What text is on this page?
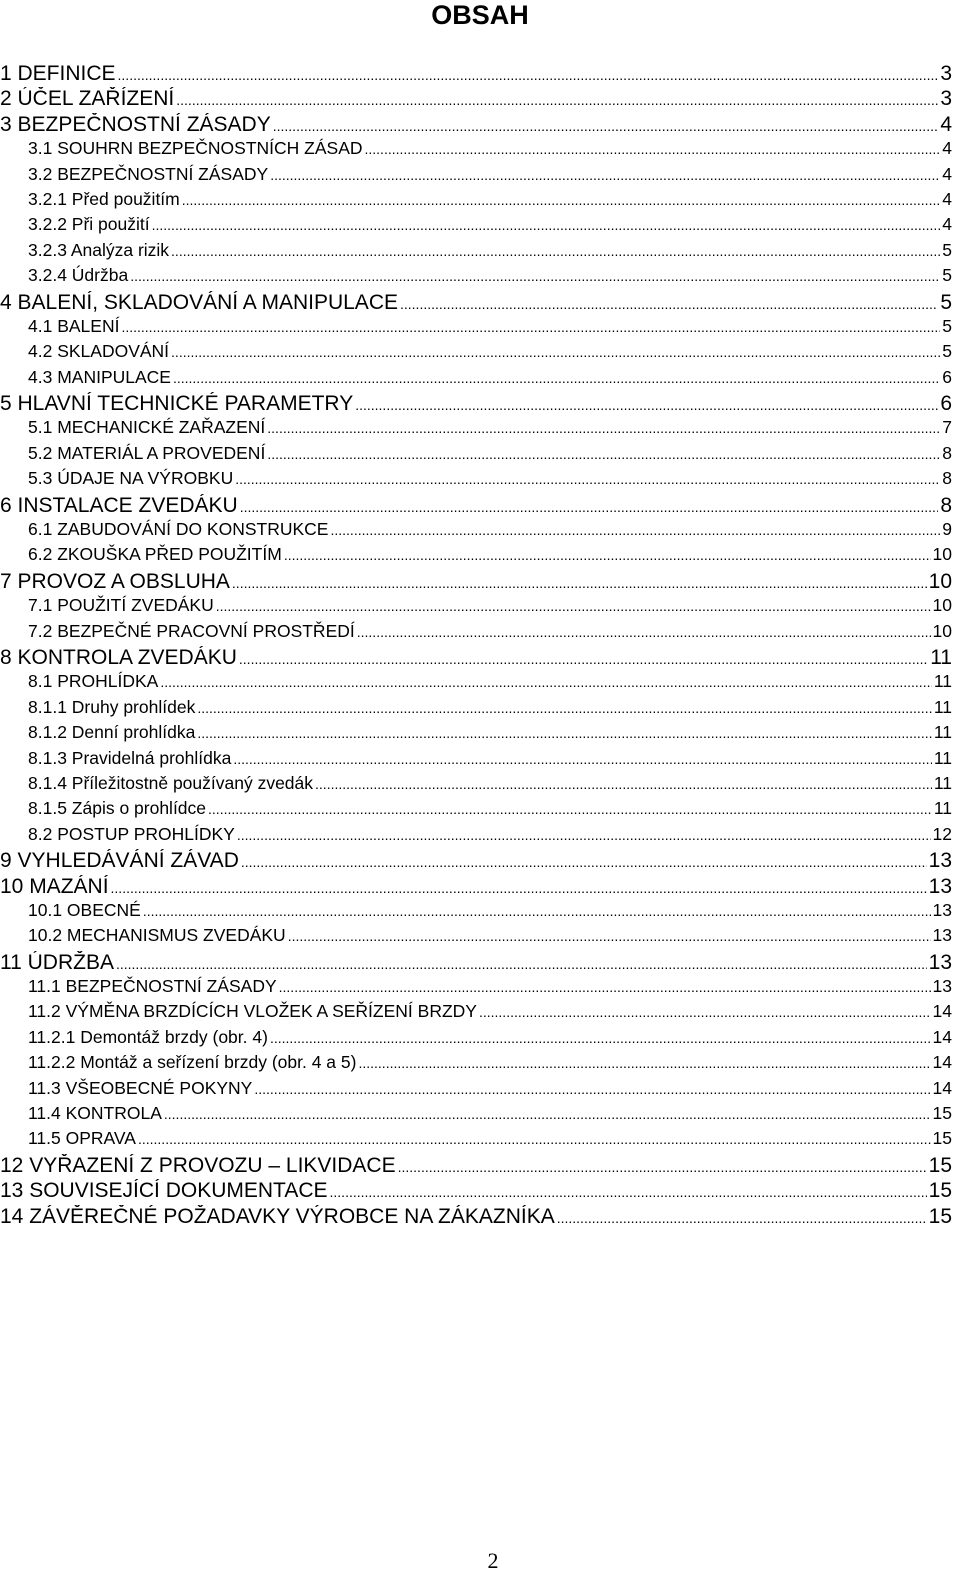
OBSAH
1 DEFINICE .....	3
2 ÚČEL ZAŘÍZENÍ .....	3
3 BEZPEČNOSTNÍ ZÁSADY .....	4
3.1 SOUHRN BEZPEČNOSTNÍCH ZÁSAD .....	4
3.2 BEZPEČNOSTNÍ ZÁSADY .....	4
3.2.1 Před použitím .....	4
3.2.2 Při použití .....	4
3.2.3 Analýza rizik .....	5
3.2.4 Údržba .....	5
4 BALENÍ, SKLADOVÁNÍ A MANIPULACE .....	5
4.1 BALENÍ .....	5
4.2 SKLADOVÁNÍ .....	5
4.3 MANIPULACE .....	6
5 HLAVNÍ TECHNICKÉ PARAMETRY .....	6
5.1 MECHANICKÉ ZAŘAZENÍ .....	7
5.2 MATERIÁL A PROVEDENÍ .....	8
5.3 ÚDAJE NA VÝROBKU .....	8
6 INSTALACE ZVEDÁKU .....	8
6.1 ZABUDOVÁNÍ DO KONSTRUKCE .....	9
6.2 ZKOUŠKA PŘED POUŽITÍM .....	10
7 PROVOZ A OBSLUHA .....	10
7.1 POUŽITÍ ZVEDÁKU .....	10
7.2 BEZPEČNÉ PRACOVNÍ PROSTŘEDÍ .....	10
8 KONTROLA ZVEDÁKU .....	11
8.1 PROHLÍDKA .....	11
8.1.1 Druhy prohlídek .....	11
8.1.2 Denní prohlídka .....	11
8.1.3 Pravidelná prohlídka .....	11
8.1.4 Příležitostně používaný zvedák .....	11
8.1.5 Zápis o prohlídce .....	11
8.2 POSTUP PROHLÍDKY .....	12
9 VYHLEDÁVÁNÍ ZÁVAD .....	13
10 MAZÁNÍ .....	13
10.1 OBECNÉ .....	13
10.2 MECHANISMUS ZVEDÁKU .....	13
11 ÚDRŽBA .....	13
11.1 BEZPEČNOSTNÍ ZÁSADY .....	13
11.2 VÝMĚNA BRZDÍCÍCH VLOŽEK A SEŘÍZENÍ BRZDY .....	14
11.2.1 Demontáž brzdy (obr. 4) .....	14
11.2.2 Montáž a seřízení brzdy (obr. 4 a 5) .....	14
11.3 VŠEOBECNÉ POKYNY .....	14
11.4 KONTROLA .....	15
11.5 OPRAVA .....	15
12 VYŘAZENÍ Z PROVOZU – LIKVIDACE .....	15
13 SOUVISEJÍCÍ DOKUMENTACE .....	15
14 ZÁVĚREČNÉ POŽADAVKY VÝROBCE NA ZÁKAZNÍKA .....	15
2
